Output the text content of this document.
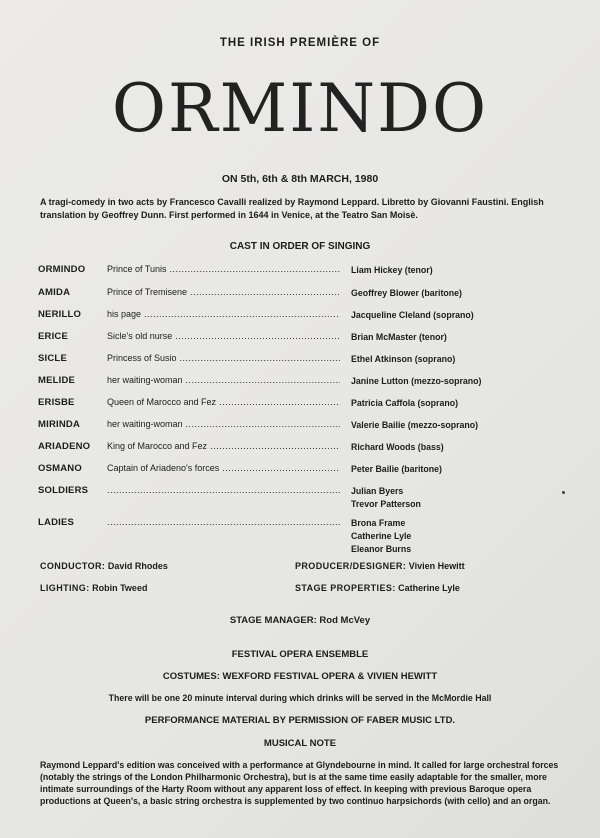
THE IRISH PREMIÈRE OF
ORMINDO
ON 5th, 6th & 8th MARCH, 1980
A tragi-comedy in two acts by Francesco Cavalli realized by Raymond Leppard. Libretto by Giovanni Faustini. English translation by Geoffrey Dunn. First performed in 1644 in Venice, at the Teatro San Moisè.
CAST IN ORDER OF SINGING
ORMINDO Prince of Tunis .....	Liam Hickey (tenor)
AMIDA	Prince of Tremisene .....	Geoffrey Blower (baritone)
NERILLO	his page .....	Jacqueline Cleland (soprano)
ERICE	Sicle's old nurse .....	Brian McMaster (tenor)
SICLE	Princess of Susio .....	Ethel Atkinson (soprano)
MELIDE	her waiting-woman .....	Janine Lutton (mezzo-soprano)
ERISBE	Queen of Marocco and Fez .....	Patricia Caffola (soprano)
MIRINDA	her waiting-woman .....	Valerie Bailie (mezzo-soprano)
ARIADENO King of Marocco and Fez .....	Richard Woods (bass)
OSMANO	Captain of Ariadeno's forces .....	Peter Bailie (baritone)
SOLDIERS .....	Julian Byers
Trevor Patterson
LADIES .....	Brona Frame
Catherine Lyle
Eleanor Burns
CONDUCTOR: David Rhodes	PRODUCER/DESIGNER: Vivien Hewitt
LIGHTING: Robin Tweed	STAGE PROPERTIES: Catherine Lyle
STAGE MANAGER: Rod McVey
FESTIVAL OPERA ENSEMBLE
COSTUMES: WEXFORD FESTIVAL OPERA & VIVIEN HEWITT
There will be one 20 minute interval during which drinks will be served in the McMordie Hall
PERFORMANCE MATERIAL BY PERMISSION OF FABER MUSIC LTD.
MUSICAL NOTE
Raymond Leppard's edition was conceived with a performance at Glyndebourne in mind. It called for large orchestral forces (notably the strings of the London Philharmonic Orchestra), but is at the same time easily adaptable for the smaller, more intimate surroundings of the Harty Room without any apparent loss of effect. In keeping with previous Baroque opera productions at Queen's, a basic string orchestra is supplemented by two continuo harpsichords (with cello) and an organ.
